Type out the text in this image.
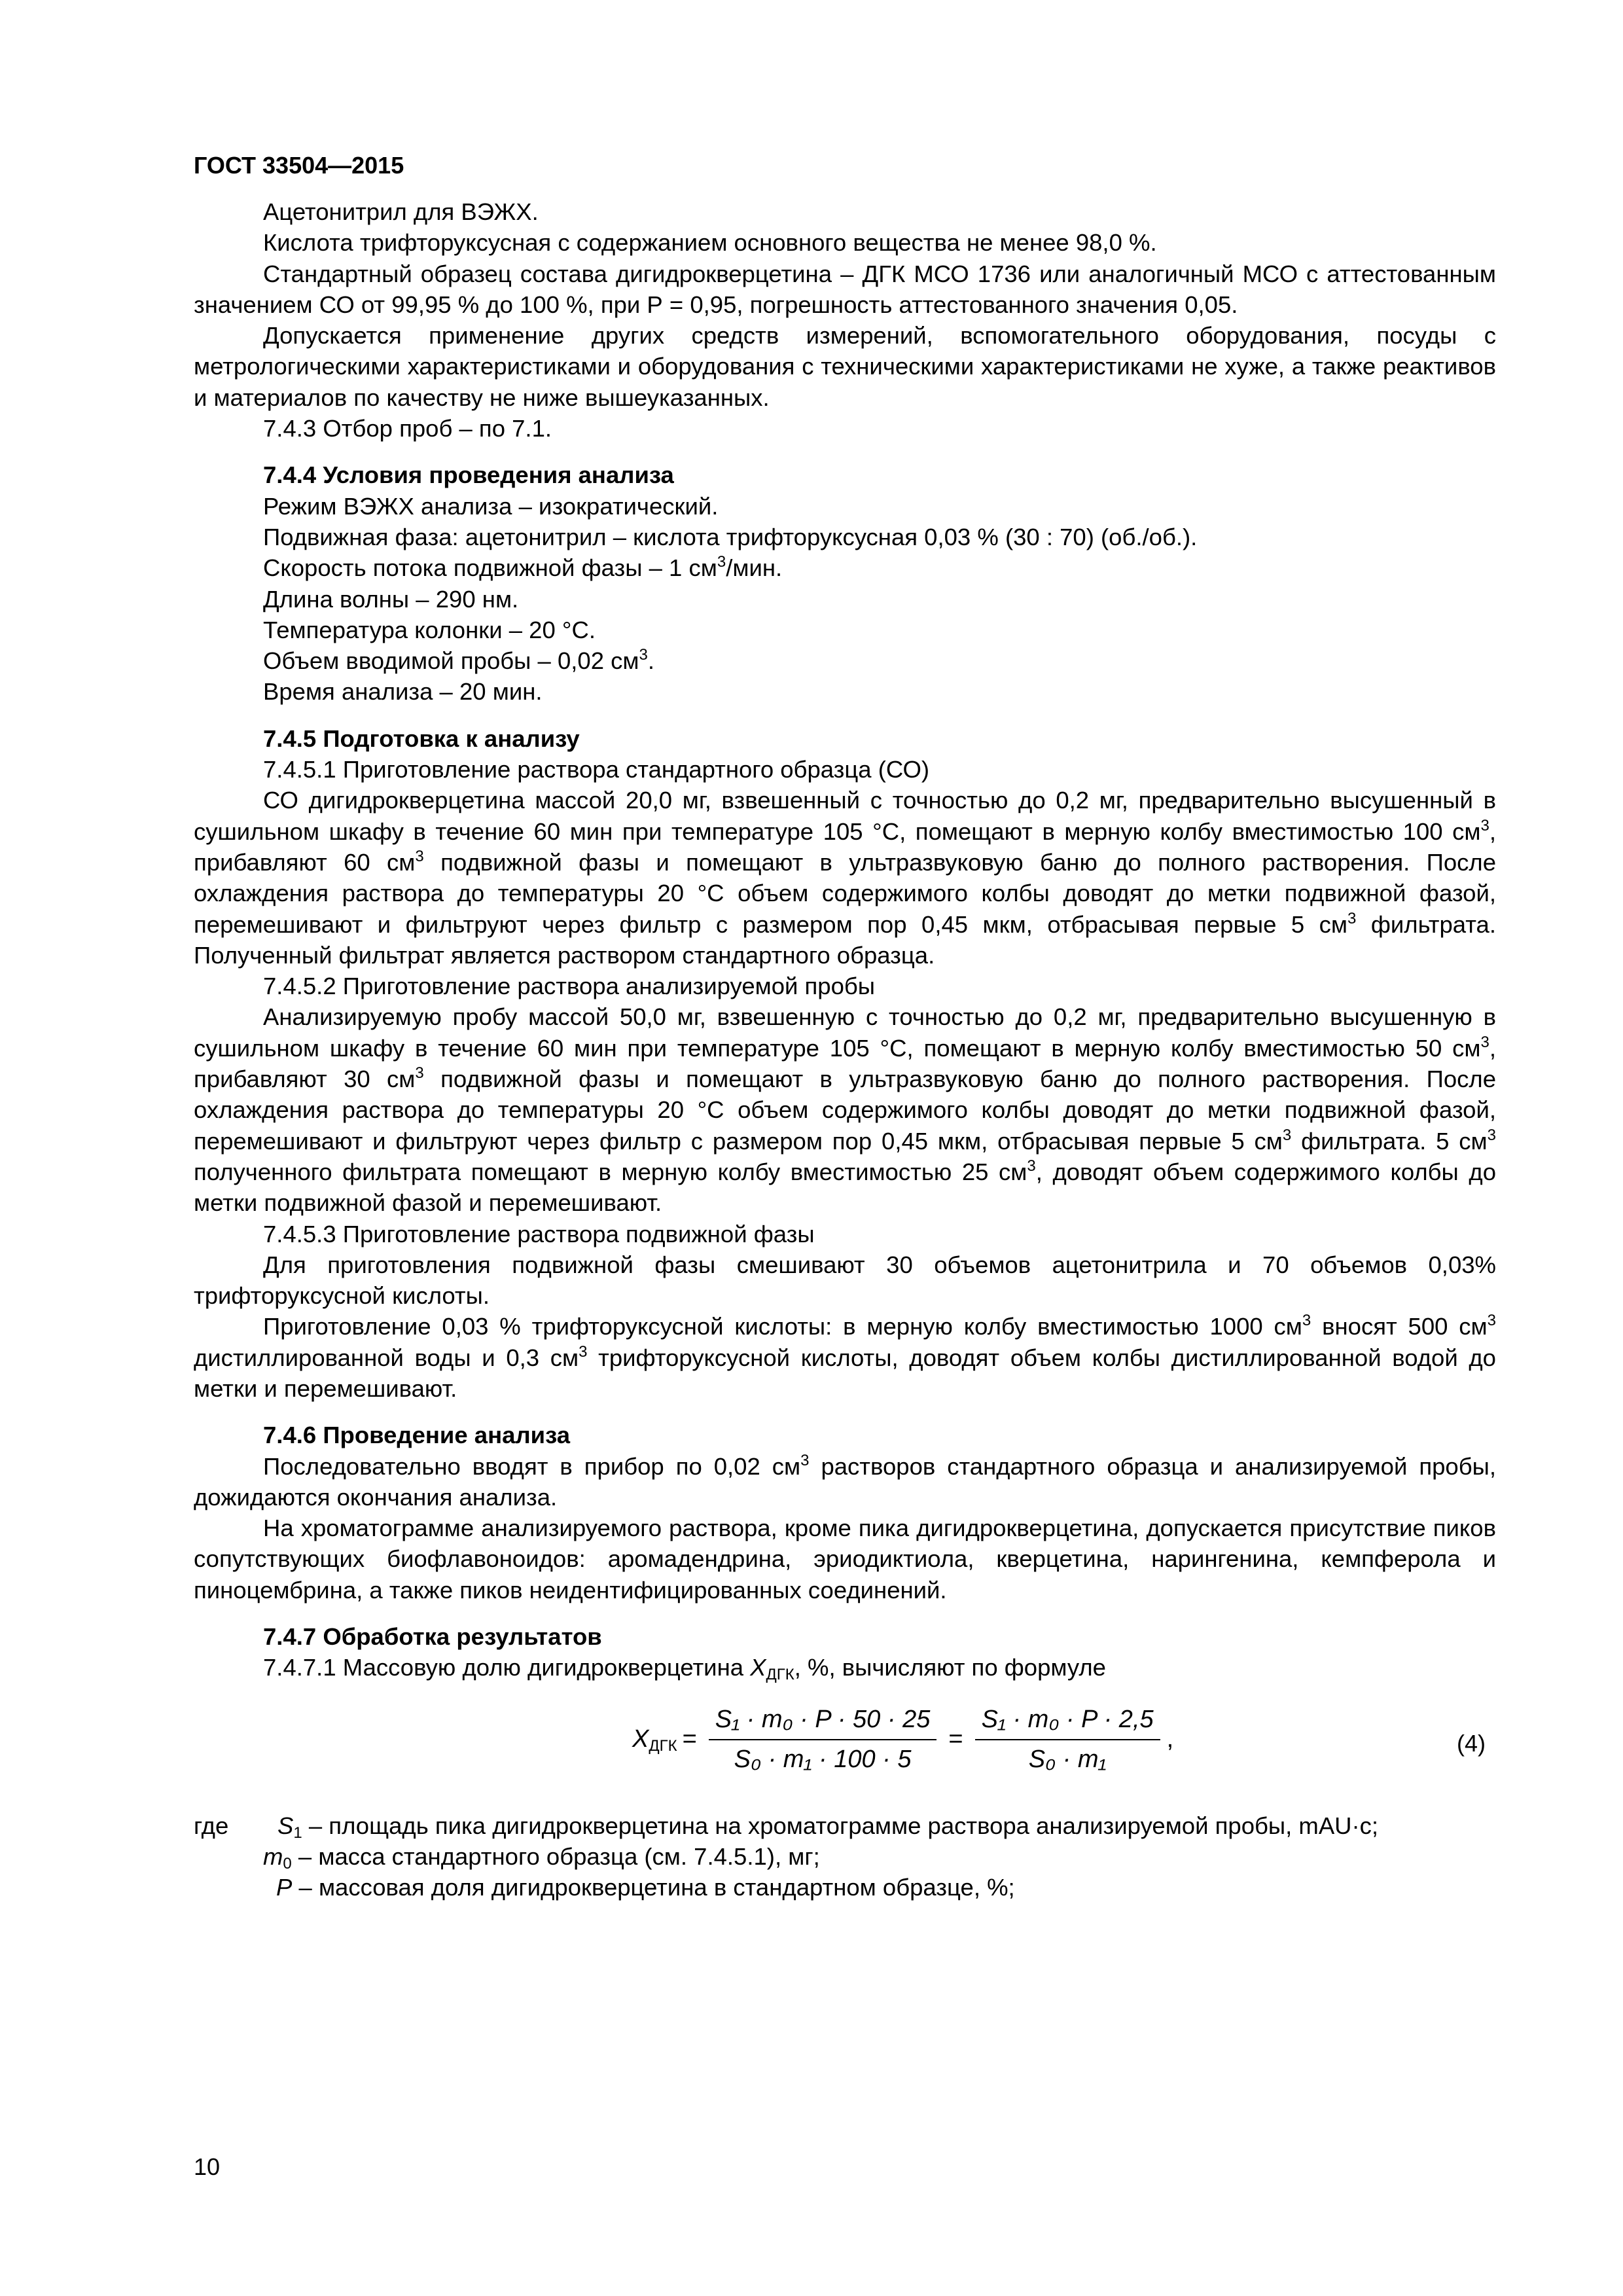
ГОСТ 33504—2015

Ацетонитрил для ВЭЖХ.

Кислота трифторуксусная с содержанием основного вещества не менее 98,0 %.

Стандартный образец состава дигидрокверцетина – ДГК МСО 1736 или аналогичный МСО с аттестованным значением СО от 99,95 % до 100 %, при Р = 0,95, погрешность аттестованного значения 0,05.

Допускается применение других средств измерений, вспомогательного оборудования, посуды с метрологическими характеристиками и оборудования с техническими характеристиками не хуже, а также реактивов и материалов по качеству не ниже вышеуказанных.

7.4.3 Отбор проб – по 7.1.

7.4.4 Условия проведения анализа

Режим ВЭЖХ анализа – изократический.

Подвижная фаза: ацетонитрил – кислота трифторуксусная 0,03 % (30 : 70) (об./об.).

Скорость потока подвижной фазы – 1 $см^3$/мин.

Длина волны – 290 нм.

Температура колонки – 20 °С.

Объем вводимой пробы – 0,02 $см^3$.

Время анализа – 20 мин.

7.4.5 Подготовка к анализу

7.4.5.1 Приготовление раствора стандартного образца (СО)

СО дигидрокверцетина массой 20,0 мг, взвешенный с точностью до 0,2 мг, предварительно высушенный в сушильном шкафу в течение 60 мин при температуре 105 °С, помещают в мерную колбу вместимостью 100 $см^3$, прибавляют 60 $см^3$ подвижной фазы и помещают в ультразвуковую баню до полного растворения. После охлаждения раствора до температуры 20 °С объем содержимого колбы доводят до метки подвижной фазой, перемешивают и фильтруют через фильтр с размером пор 0,45 мкм, отбрасывая первые 5 $см^3$ фильтрата. Полученный фильтрат является раствором стандартного образца.

7.4.5.2 Приготовление раствора анализируемой пробы

Анализируемую пробу массой 50,0 мг, взвешенную с точностью до 0,2 мг, предварительно высушенную в сушильном шкафу в течение 60 мин при температуре 105 °С, помещают в мерную колбу вместимостью 50 $см^3$, прибавляют 30 $см^3$ подвижной фазы и помещают в ультразвуковую баню до полного растворения. После охлаждения раствора до температуры 20 °С объем содержимого колбы доводят до метки подвижной фазой, перемешивают и фильтруют через фильтр с размером пор 0,45 мкм, отбрасывая первые 5 $см^3$ фильтрата. 5 $см^3$ полученного фильтрата помещают в мерную колбу вместимостью 25 $см^3$, доводят объем содержимого колбы до метки подвижной фазой и перемешивают.

7.4.5.3 Приготовление раствора подвижной фазы

Для приготовления подвижной фазы смешивают 30 объемов ацетонитрила и 70 объемов 0,03% трифторуксусной кислоты.

Приготовление 0,03 % трифторуксусной кислоты: в мерную колбу вместимостью 1000 $см^3$ вносят 500 $см^3$ дистиллированной воды и 0,3 $см^3$ трифторуксусной кислоты, доводят объем колбы дистиллированной водой до метки и перемешивают.

7.4.6 Проведение анализа

Последовательно вводят в прибор по 0,02 $см^3$ растворов стандартного образца и анализируемой пробы, дожидаются окончания анализа.

На хроматограмме анализируемого раствора, кроме пика дигидрокверцетина, допускается присутствие пиков сопутствующих биофлавоноидов: аромадендрина, эриодиктиола, кверцетина, нарингенина, кемпферола и пиноцембрина, а также пиков неидентифицированных соединений.

7.4.7 Обработка результатов

7.4.7.1 Массовую долю дигидрокверцетина $X_{ДГК}$, %, вычисляют по формуле

$X_{ДГК} = \frac{\text{S₁ · m₀ · P · 50 · 25}}{\text{S₀ · m₁ · 100 · 5}} = \frac{\text{S₁ · m₀ · P · 2,5}}{\text{S₀ · m₁}}$ ,	(4)
где $S_1$ – площадь пика дигидрокверцетина на хроматограмме раствора анализируемой пробы, mAU·с;
$m_0$ – масса стандартного образца (см. 7.4.5.1), мг;
P – массовая доля дигидрокверцетина в стандартном образце, %;
10
